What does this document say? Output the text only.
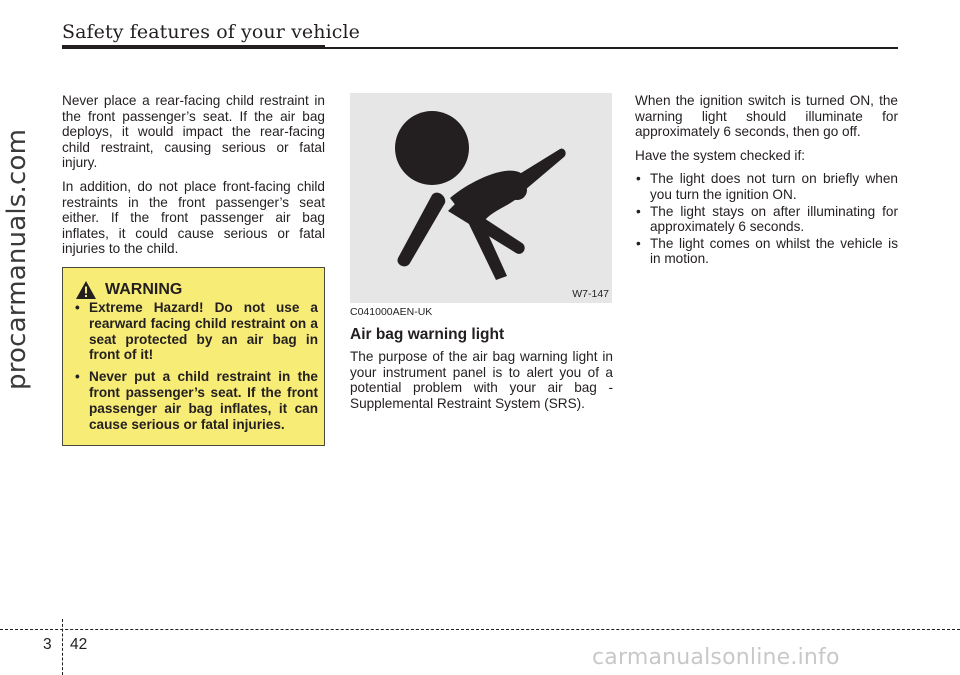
Safety features of your vehicle
procarmanuals.com

Never place a rear-facing child restraint in the front passenger’s seat. If the air bag deploys, it would impact the rear-facing child restraint, causing serious or fatal injury.

In addition, do not place front-facing child restraints in the front passenger’s seat either. If the front passenger air bag inflates, it could cause serious or fatal injuries to the child.

WARNING
• Extreme Hazard! Do not use a rearward facing child restraint on a seat protected by an air bag in front of it!
• Never put a child restraint in the front passenger’s seat. If the front passenger air bag inflates, it can cause serious or fatal injuries.
W7-147
C041000AEN-UK
Air bag warning light

The purpose of the air bag warning light in your instrument panel is to alert you of a potential problem with your air bag - Supplemental Restraint System (SRS).

When the ignition switch is turned ON, the warning light should illuminate for approximately 6 seconds, then go off.

Have the system checked if:

• The light does not turn on briefly when you turn the ignition ON.
• The light stays on after illuminating for approximately 6 seconds.
• The light comes on whilst the vehicle is in motion.
3 42
carmanualsonline.info
